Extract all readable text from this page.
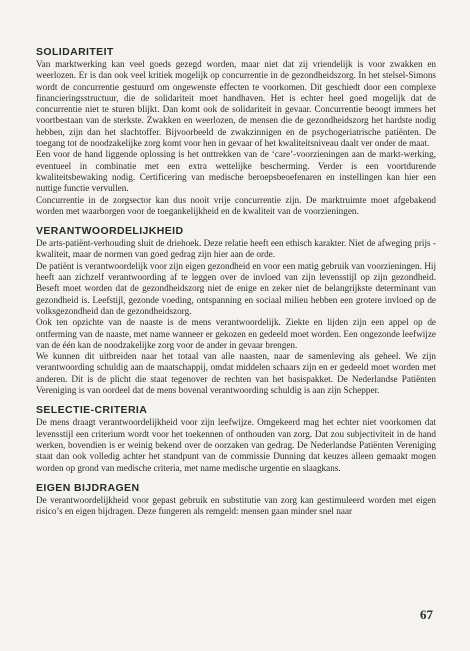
SOLIDARITEIT

Van marktwerking kan veel goeds gezegd worden, maar niet dat zij vriendelijk is voor zwakken en weerlozen. Er is dan ook veel kritiek mogelijk op concurrentie in de gezondheidszorg. In het stelsel-Simons wordt de concurrentie gestuurd om ongewenste effecten te voorkomen. Dit geschiedt door een complexe financieringsstructuur, die de solidariteit moet handhaven. Het is echter heel goed mogelijk dat de concurrentie niet te sturen blijkt. Dan komt ook de solidariteit in gevaar. Concurrentie beoogt immers het voortbestaan van de sterkste. Zwakken en weerlozen, de mensen die de gezondheidszorg het hardste nodig hebben, zijn dan het slachtoffer. Bijvoorbeeld de zwakzinnigen en de psychogeriatrische patiënten. De toegang tot de noodzakelijke zorg komt voor hen in gevaar of het kwaliteitsniveau daalt ver onder de maat.

Een voor de hand liggende oplossing is het onttrekken van de ‘care’-voorzieningen aan de markt-werking, eventueel in combinatie met een extra wettelijke bescherming. Verder is een voortdurende kwaliteitsbewaking nodig. Certificering van medische beroepsbeoefenaren en instellingen kan hier een nuttige functie vervullen.

Concurrentie in de zorgsector kan dus nooit vrije concurrentie zijn. De marktruimte moet afgebakend worden met waarborgen voor de toegankelijkheid en de kwaliteit van de voorzieningen.

VERANTWOORDELIJKHEID

De arts-patiënt-verhouding sluit de driehoek. Deze relatie heeft een ethisch karakter. Niet de afweging prijs - kwaliteit, maar de normen van goed gedrag zijn hier aan de orde.

De patiënt is verantwoordelijk voor zijn eigen gezondheid en voor een matig gebruik van voorzieningen. Hij heeft aan zichzelf verantwoording af te leggen over de invloed van zijn levensstijl op zijn gezondheid. Beseft moet worden dat de gezondheidszorg niet de enige en zeker niet de belangrijkste determinant van gezondheid is. Leefstijl, gezonde voeding, ontspanning en sociaal milieu hebben een grotere invloed op de volksgezondheid dan de gezondheidszorg.

Ook ten opzichte van de naaste is de mens verantwoordelijk. Ziekte en lijden zijn een appel op de ontferming van de naaste, met name wanneer er gekozen en gedeeld moet worden. Een ongezonde leefwijze van de één kan de noodzakelijke zorg voor de ander in gevaar brengen.

We kunnen dit uitbreiden naar het totaal van alle naasten, naar de samenleving als geheel. We zijn verantwoording schuldig aan de maatschappij, omdat middelen schaars zijn en er gedeeld moet worden met anderen. Dit is de plicht die staat tegenover de rechten van het basispakket. De Nederlandse Patiënten Vereniging is van oordeel dat de mens bovenal verantwoording schuldig is aan zijn Schepper.

SELECTIE-CRITERIA

De mens draagt verantwoordelijkheid voor zijn leefwijze. Omgekeerd mag het echter niet voorkomen dat levensstijl een criterium wordt voor het toekennen of onthouden van zorg. Dat zou subjectiviteit in de hand werken, bovendien is er weinig bekend over de oorzaken van gedrag. De Nederlandse Patiënten Vereniging staat dan ook volledig achter het standpunt van de commissie Dunning dat keuzes alleen gemaakt mogen worden op grond van medische criteria, met name medische urgentie en slaagkans.

EIGEN BIJDRAGEN

De verantwoordelijkheid voor gepast gebruik en substitutie van zorg kan gestimuleerd worden met eigen risico’s en eigen bijdragen. Deze fungeren als remgeld: mensen gaan minder snel naar

67
